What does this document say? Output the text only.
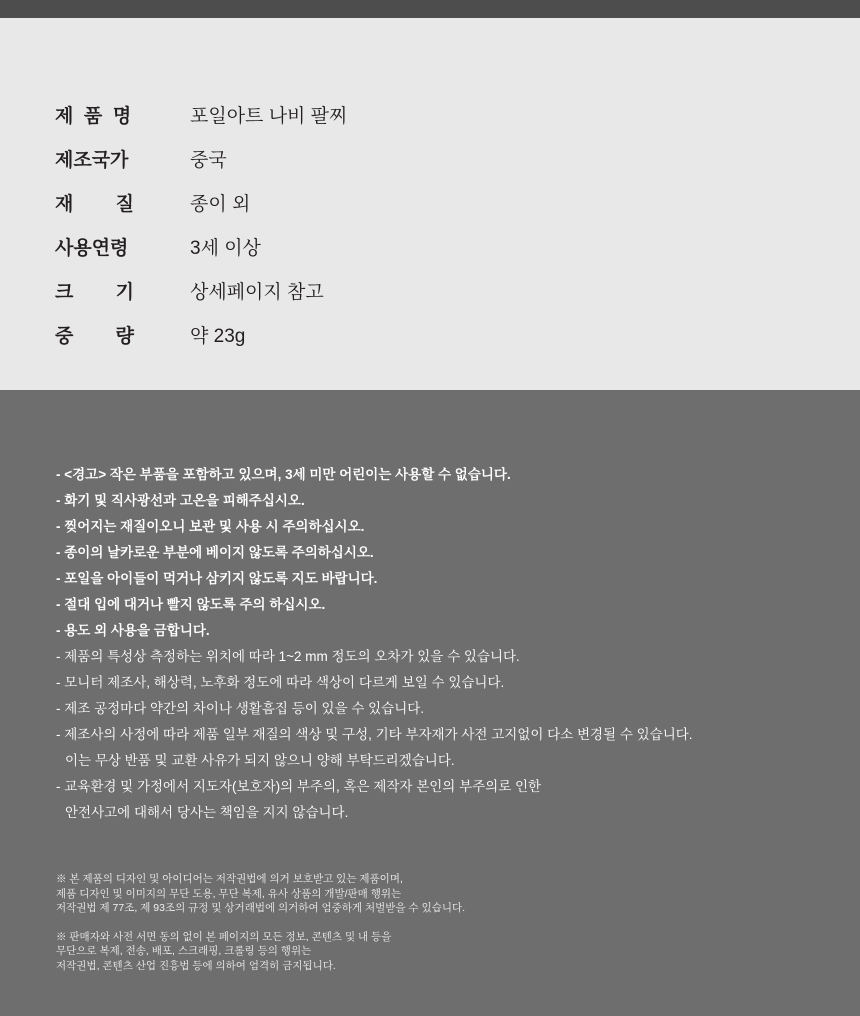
제  품  명	포일아트 나비 팔찌
제조국가	중국
재        질	종이 외
사용연령	3세 이상
크        기	상세페이지 참고
중        량	약 23g
- <경고> 작은 부품을 포함하고 있으며, 3세 미만 어린이는 사용할 수 없습니다.
- 화기 및 직사광선과 고온을 피해주십시오.
- 찢어지는 재질이오니 보관 및 사용 시 주의하십시오.
- 종이의 날카로운 부분에 베이지 않도록 주의하십시오.
- 포일을 아이들이 먹거나 삼키지 않도록 지도 바랍니다.
- 절대 입에 대거나 빨지 않도록 주의 하십시오.
- 용도 외 사용을 금합니다.
- 제품의 특성상 측정하는 위치에 따라 1~2 mm 정도의 오차가 있을 수 있습니다.
- 모니터 제조사, 해상력, 노후화 정도에 따라 색상이 다르게 보일 수 있습니다.
- 제조 공정마다 약간의 차이나 생활흠집 등이 있을 수 있습니다.
- 제조사의 사정에 따라 제품 일부 재질의 색상 및 구성, 기타 부자재가 사전 고지없이 다소 변경될 수 있습니다.
이는 무상 반품 및 교환 사유가 되지 않으니 양해 부탁드리겠습니다.
- 교육환경 및 가정에서 지도자(보호자)의 부주의, 혹은 제작자 본인의 부주의로 인한
안전사고에 대해서 당사는 책임을 지지 않습니다.
※ 본 제품의 디자인 및 아이디어는 저작권법에 의거 보호받고 있는 제품이며,
제품 디자인 및 이미지의 무단 도용, 무단 복제, 유사 상품의 개발/판매 행위는
저작권법 제 77조, 제 93조의 규정 및 상거래법에 의거하여 엄중하게 처벌받을 수 있습니다.
※ 판매자와 사전 서면 동의 없이 본 페이지의 모든 정보, 콘텐츠 및 내 등을
무단으로 복제, 전송, 배포, 스크래핑, 크롤링 등의 행위는
저작권법, 콘텐츠 산업 진흥법 등에 의하여 엄격히 금지됩니다.
